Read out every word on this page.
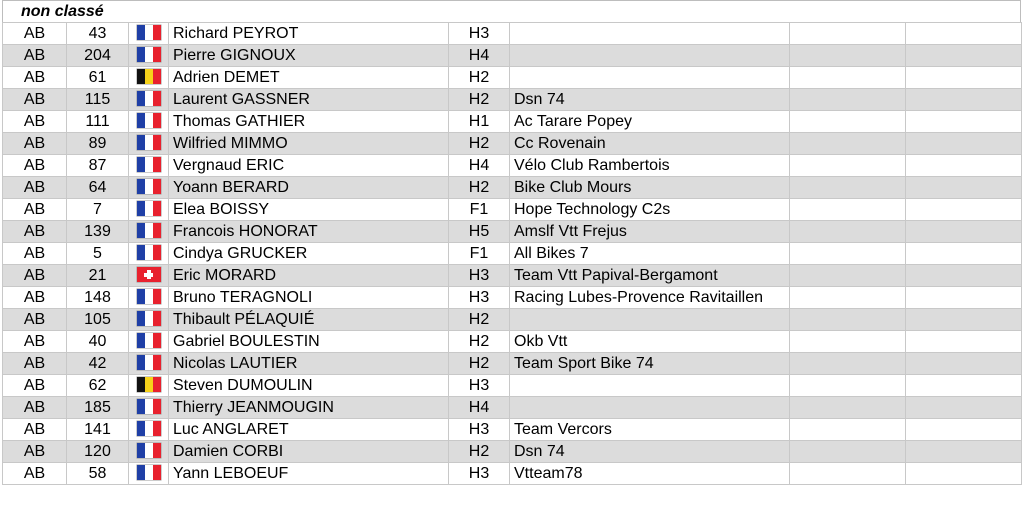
non classé
AB	43		Richard PEYROT	H3			
AB	204		Pierre GIGNOUX	H4			
AB	61		Adrien DEMET	H2			
AB	115		Laurent GASSNER	H2	Dsn 74		
AB	111		Thomas GATHIER	H1	Ac Tarare Popey		
AB	89		Wilfried MIMMO	H2	Cc Rovenain		
AB	87		Vergnaud ERIC	H4	Vélo Club Rambertois		
AB	64		Yoann BERARD	H2	Bike Club Mours		
AB	7		Elea BOISSY	F1	Hope Technology C2s		
AB	139		Francois HONORAT	H5	Amslf Vtt Frejus		
AB	5		Cindya GRUCKER	F1	All Bikes 7		
AB	21		Eric MORARD	H3	Team Vtt Papival-Bergamont		
AB	148		Bruno TERAGNOLI	H3	Racing Lubes-Provence Ravitaillen		
AB	105		Thibault PÉLAQUIÉ	H2			
AB	40		Gabriel BOULESTIN	H2	Okb Vtt		
AB	42		Nicolas LAUTIER	H2	Team Sport Bike 74		
AB	62		Steven DUMOULIN	H3			
AB	185		Thierry JEANMOUGIN	H4			
AB	141		Luc ANGLARET	H3	Team Vercors		
AB	120		Damien CORBI	H2	Dsn 74		
AB	58		Yann LEBOEUF	H3	Vtteam78		
